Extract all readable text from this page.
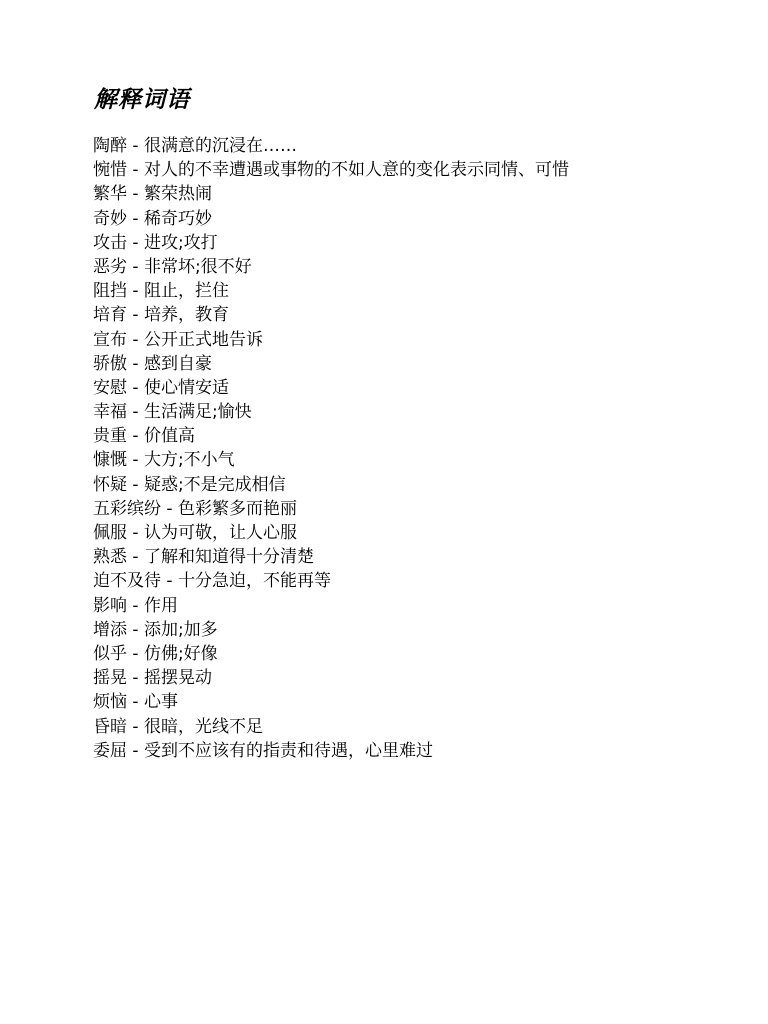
解释词语
陶醉 - 很满意的沉浸在……
惋惜 - 对人的不幸遭遇或事物的不如人意的变化表示同情、可惜
繁华 - 繁荣热闹
奇妙 - 稀奇巧妙
攻击 - 进攻;攻打
恶劣 - 非常坏;很不好
阻挡 - 阻止，拦住
培育 - 培养，教育
宣布 - 公开正式地告诉
骄傲 - 感到自豪
安慰 - 使心情安适
幸福 - 生活满足;愉快
贵重 - 价值高
慷慨 - 大方;不小气
怀疑 - 疑惑;不是完成相信
五彩缤纷 - 色彩繁多而艳丽
佩服 - 认为可敬，让人心服
熟悉 - 了解和知道得十分清楚
迫不及待 - 十分急迫，不能再等
影响 - 作用
增添 - 添加;加多
似乎 - 仿佛;好像
摇晃 - 摇摆晃动
烦恼 - 心事
昏暗 - 很暗，光线不足
委屈 - 受到不应该有的指责和待遇，心里难过
